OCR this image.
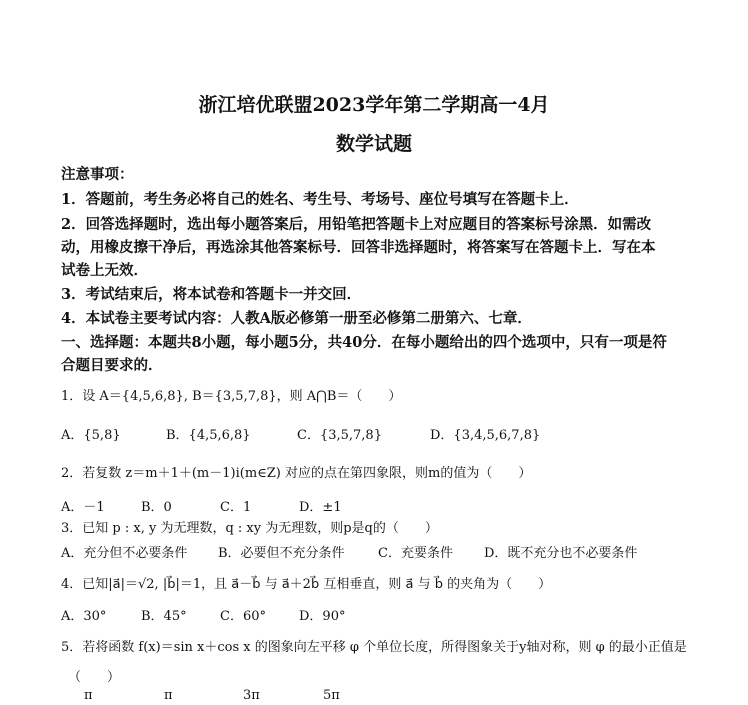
浙江培优联盟2023学年第二学期高一4月
数学试题
注意事项：
1．答题前，考生务必将自己的姓名、考生号、考场号、座位号填写在答题卡上．
2．回答选择题时，选出每小题答案后，用铅笔把答题卡上对应题目的答案标号涂黑．如需改
动，用橡皮擦干净后，再选涂其他答案标号．回答非选择题时，将答案写在答题卡上．写在本
试卷上无效．
3．考试结束后，将本试卷和答题卡一并交回．
4．本试卷主要考试内容：人教A版必修第一册至必修第二册第六、七章．
一、选择题：本题共8小题，每小题5分，共40分．在每小题给出的四个选项中，只有一项是符
合题目要求的．
1．设 A＝{4,5,6,8}, B＝{3,5,7,8}，则 A⋂B＝（　　）
A．{5,8}	B．{4,5,6,8}	C．{3,5,7,8}	D．{3,4,5,6,7,8}
2．若复数 z＝m＋1＋(m－1)i(m∈Z) 对应的点在第四象限，则m的值为（　　）
A．－1	B．0	C．1	D．±1
3．已知 p : x, y 为无理数，q : xy 为无理数，则p是q的（　　）
A．充分但不必要条件 B．必要但不充分条件	C．充要条件 D．既不充分也不必要条件
4．已知|a⃗|＝√2, |b⃗|＝1，且 a⃗－b⃗ 与 a⃗＋2b⃗ 互相垂直，则 a⃗ 与 b⃗ 的夹角为（　　）
A．30°	B．45°	C．60°	D．90°
5．若将函数 f(x)＝sin x＋cos x 的图象向左平移 φ 个单位长度，所得图象关于y轴对称，则 φ 的最小正值是
（　　）
π	π	3π	5π
